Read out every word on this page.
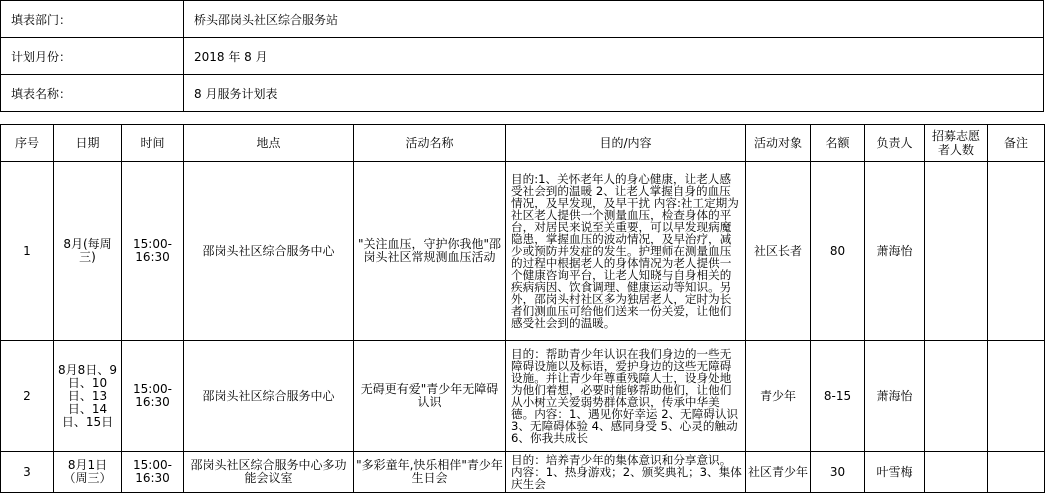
填表部门：	桥头邵岗头社区综合服务站
计划月份：	2018 年 8 月
填表名称：	8 月服务计划表
序号	日期	时间	地点	活动名称	目的/内容	活动对象	名额	负责人	招募志愿者人数	备注
1	8月(每周三)	15:00-16:30	邵岗头社区综合服务中心	"关注血压，守护你我他"邵岗头社区常规测血压活动	目的:1、关怀老年人的身心健康，让老人感受社会到的温暖 2、让老人掌握自身的血压情况，及早发现，及早干扰 内容:社工定期为社区老人提供一个测量血压，检查身体的平台，对居民来说至关重要，可以早发现病魔隐患，掌握血压的波动情况，及早治疗，减少或预防并发症的发生。护理师在测量血压的过程中根据老人的身体情况为老人提供一个健康咨询平台，让老人知晓与自身相关的疾病病因、饮食调理、健康运动等知识。另外，邵岗头村社区多为独居老人，定时为长者们测血压可给他们送来一份关爱，让他们感受社会到的温暖。	社区长者	80	萧海怡		
2	8月8日、9日、10日、13日、14日、15日	15:00-16:30	邵岗头社区综合服务中心	无碍更有爱"青少年无障碍认识	目的：帮助青少年认识在我们身边的一些无障碍设施以及标语，爱护身边的这些无障碍设施。并让青少年尊重残障人士，设身处地为他们着想，必要时能够帮助他们，让他们从小树立关爱弱势群体意识，传承中华美德。内容：1、遇见你好幸运 2、无障碍认识 3、无障碍体验 4、感同身受 5、心灵的触动 6、你我共成长	青少年	8-15	萧海怡		
3	8月1日（周三）	15:00-16:30	邵岗头社区综合服务中心多功能会议室	"多彩童年,快乐相伴"青少年生日会	目的：培养青少年的集体意识和分享意识。内容：1、热身游戏；2、颁奖典礼；3、集体庆生会	社区青少年	30	叶雪梅		
